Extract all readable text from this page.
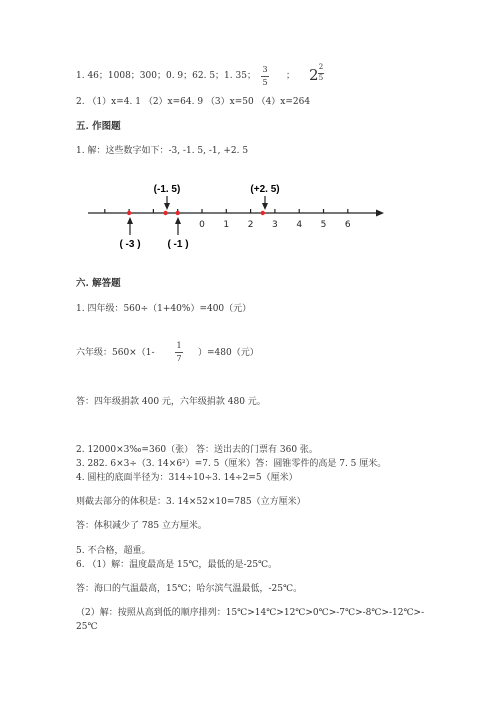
1. 46；1008；300；0. 9；62. 5；1. 35；
3
5
； 2 2
5
2. （1）x=4. 1 （2）x=64. 9 （3）x=50 （4）x=264
五. 作图题
1. 解：这些数字如下：-3, -1. 5, -1, +2. 5
0 1 2 3 4 5 6
(-1. 5)	(+2. 5)
( -3 )	( -1 )
六. 解答题
1. 四年级：560÷（1+40%）=400（元）
六年级：560×（1-
1
7
）=480（元）
答：四年级捐款 400 元，六年级捐款 480 元。
2. 12000×3‰=360（张） 答：送出去的门票有 360 张。
3. 282. 6×3÷（3. 14×6²）=7. 5（厘米）答：圆锥零件的高是 7. 5 厘米。
4. 圆柱的底面半径为：314÷10÷3. 14÷2=5（厘米）
则截去部分的体积是：3. 14×52×10=785（立方厘米）
答：体积减少了 785 立方厘米。
5. 不合格，超重。
6. （1）解：温度最高是 15℃，最低的是-25℃。
答：海口的气温最高，15℃；哈尔滨气温最低，-25℃。
（2）解：按照从高到低的顺序排列：15℃>14℃>12℃>0℃>-7℃>-8℃>-12℃>-
25℃
